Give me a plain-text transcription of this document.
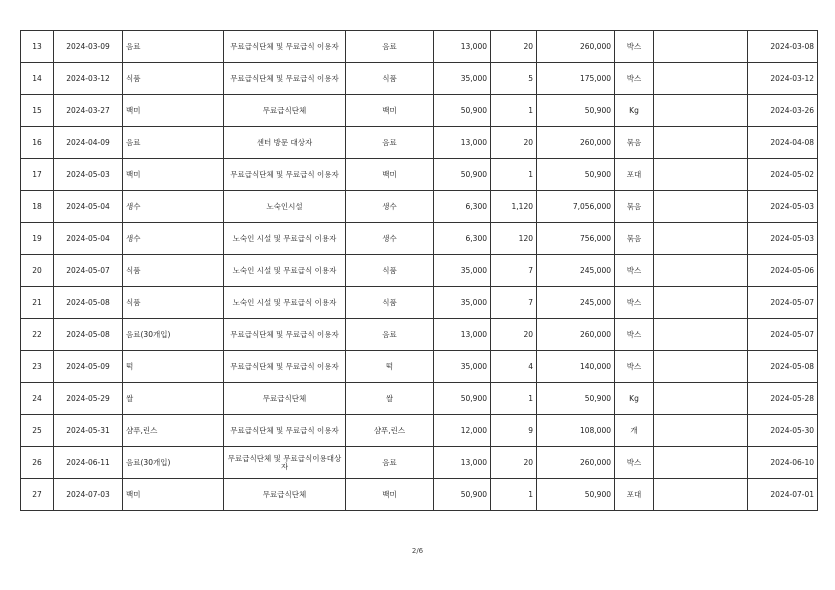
13	2024-03-09	음료	무료급식단체 및 무료급식 이용자	음료	13,000	20	260,000	박스		2024-03-08
14	2024-03-12	식품	무료급식단체 및 무료급식 이용자	식품	35,000	5	175,000	박스		2024-03-12
15	2024-03-27	백미	무료급식단체	백미	50,900	1	50,900	Kg		2024-03-26
16	2024-04-09	음료	센터 방문 대상자	음료	13,000	20	260,000	묶음		2024-04-08
17	2024-05-03	백미	무료급식단체 및 무료급식 이용자	백미	50,900	1	50,900	포대		2024-05-02
18	2024-05-04	생수	노숙인시설	생수	6,300	1,120	7,056,000	묶음		2024-05-03
19	2024-05-04	생수	노숙인 시설 및 무료급식 이용자	생수	6,300	120	756,000	묶음		2024-05-03
20	2024-05-07	식품	노숙인 시설 및 무료급식 이용자	식품	35,000	7	245,000	박스		2024-05-06
21	2024-05-08	식품	노숙인 시설 및 무료급식 이용자	식품	35,000	7	245,000	박스		2024-05-07
22	2024-05-08	음료(30개입)	무료급식단체 및 무료급식 이용자	음료	13,000	20	260,000	박스		2024-05-07
23	2024-05-09	떡	무료급식단체 및 무료급식 이용자	떡	35,000	4	140,000	박스		2024-05-08
24	2024-05-29	쌀	무료급식단체	쌀	50,900	1	50,900	Kg		2024-05-28
25	2024-05-31	샴푸,린스	무료급식단체 및 무료급식 이용자	샴푸,린스	12,000	9	108,000	개		2024-05-30
26	2024-06-11	음료(30개입)	무료급식단체 및 무료급식이용대상자	음료	13,000	20	260,000	박스		2024-06-10
27	2024-07-03	백미	무료급식단체	백미	50,900	1	50,900	포대		2024-07-01
2/6
